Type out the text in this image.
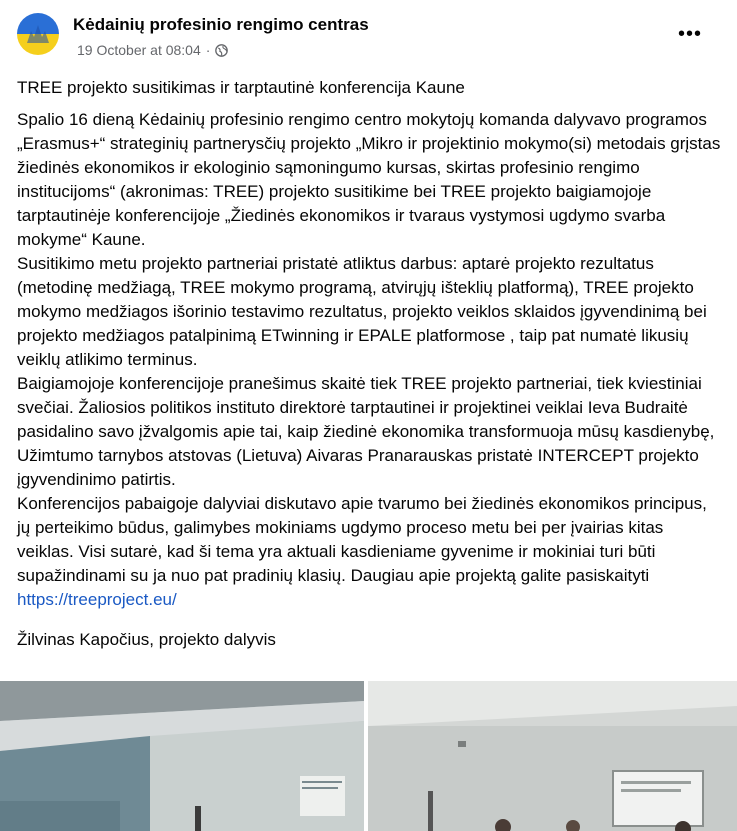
Kėdainių profesinio rengimo centras
19 October at 08:04 ·
•••

TREE projekto susitikimas ir tarptautinė konferencija Kaune

Spalio 16 dieną Kėdainių profesinio rengimo centro mokytojų komanda dalyvavo programos „Erasmus+“ strateginių partnerysčių projekto „Mikro ir projektinio mokymo(si) metodais grįstas žiedinės ekonomikos ir ekologinio sąmoningumo kursas, skirtas profesinio rengimo institucijoms“ (akronimas: TREE) projekto susitikime bei TREE projekto baigiamojoje tarptautinėje konferencijoje „Žiedinės ekonomikos ir tvaraus vystymosi ugdymo svarba mokyme“ Kaune.
Susitikimo metu projekto partneriai pristatė atliktus darbus: aptarė projekto rezultatus (metodinę medžiagą, TREE mokymo programą, atvirųjų išteklių platformą), TREE projekto mokymo medžiagos išorinio testavimo rezultatus, projekto veiklos sklaidos įgyvendinimą bei projekto medžiagos patalpinimą ETwinning ir EPALE platformose , taip pat numatė likusių veiklų atlikimo terminus.
Baigiamojoje konferencijoje pranešimus skaitė tiek TREE projekto partneriai, tiek kviestiniai svečiai. Žaliosios politikos instituto direktorė tarptautinei ir projektinei veiklai Ieva Budraitė pasidalino savo įžvalgomis apie tai, kaip žiedinė ekonomika transformuoja mūsų kasdienybę, Užimtumo tarnybos atstovas (Lietuva) Aivaras Pranarauskas pristatė INTERCEPT projekto įgyvendinimo patirtis.
Konferencijos pabaigoje dalyviai diskutavo apie tvarumo bei žiedinės ekonomikos principus, jų perteikimo būdus, galimybes mokiniams ugdymo proceso metu bei per įvairias kitas veiklas. Visi sutarė, kad ši tema yra aktuali kasdieniame gyvenime ir mokiniai turi būti supažindinami su ja nuo pat pradinių klasių. Daugiau apie projektą galite pasiskaityti https://treeproject.eu/

Žilvinas Kapočius, projekto dalyvis
